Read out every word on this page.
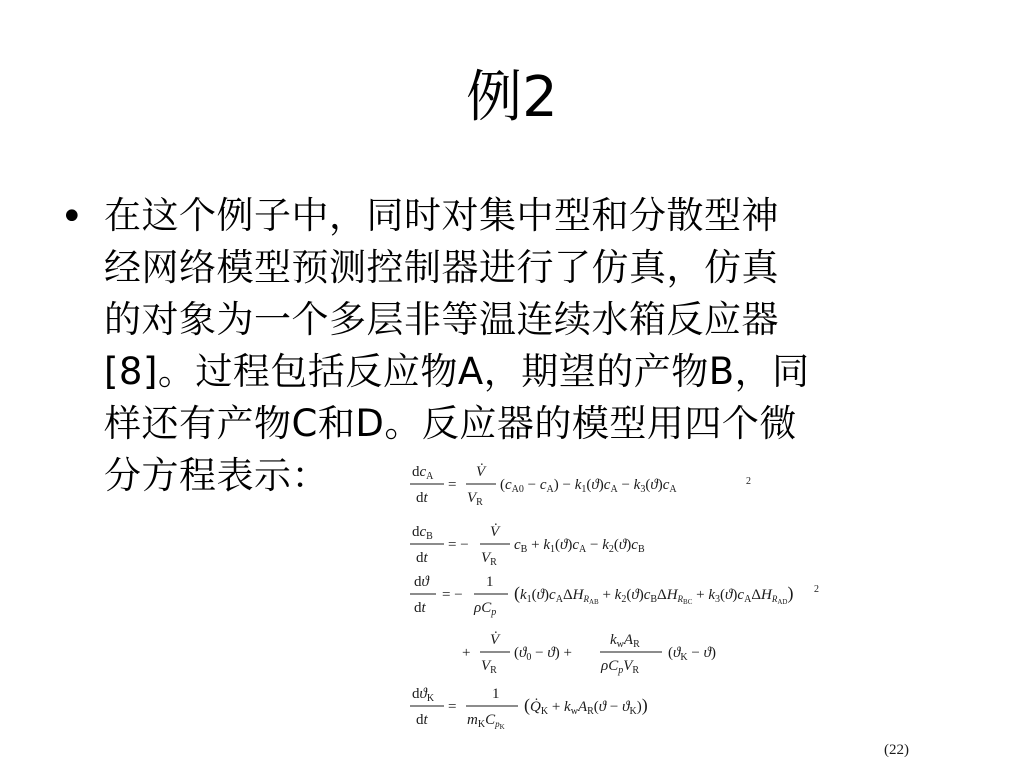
例2
• 在这个例子中，同时对集中型和分散型神
经网络模型预测控制器进行了仿真，仿真
的对象为一个多层非等温连续水箱反应器
[8]。过程包括反应物A，期望的产物B，同
样还有产物C和D。反应器的模型用四个微
分方程表示：	$dc_A$
dt
=
V̇
$V_R$
$(c_{A0} - c_A) - k_1(ϑ)c_A - k_3(ϑ)c_A$
2
$dc_B$
dt
= −
V̇
$V_R$
$c_B + k_1(ϑ)c_A - k_2(ϑ)c_B$
dϑ
dt
= −
1
$\rho C_p$
$(k_1(ϑ)c_A\Delta H_RAB + k_2(ϑ)c_B\Delta H_RBC + k_3(ϑ)c_A\Delta H_RAD)$ 2
+
V̇
$V_R$
$(ϑ_0 - ϑ)$ +
$k_wA_R$
$\rho C_pV_R$
$(ϑ_K - ϑ)$
$dϑ_K$
dt
=
1
$m_KC_pK$
$(Q̇_K + k_wA_R(ϑ - ϑ_K))$
(22)
